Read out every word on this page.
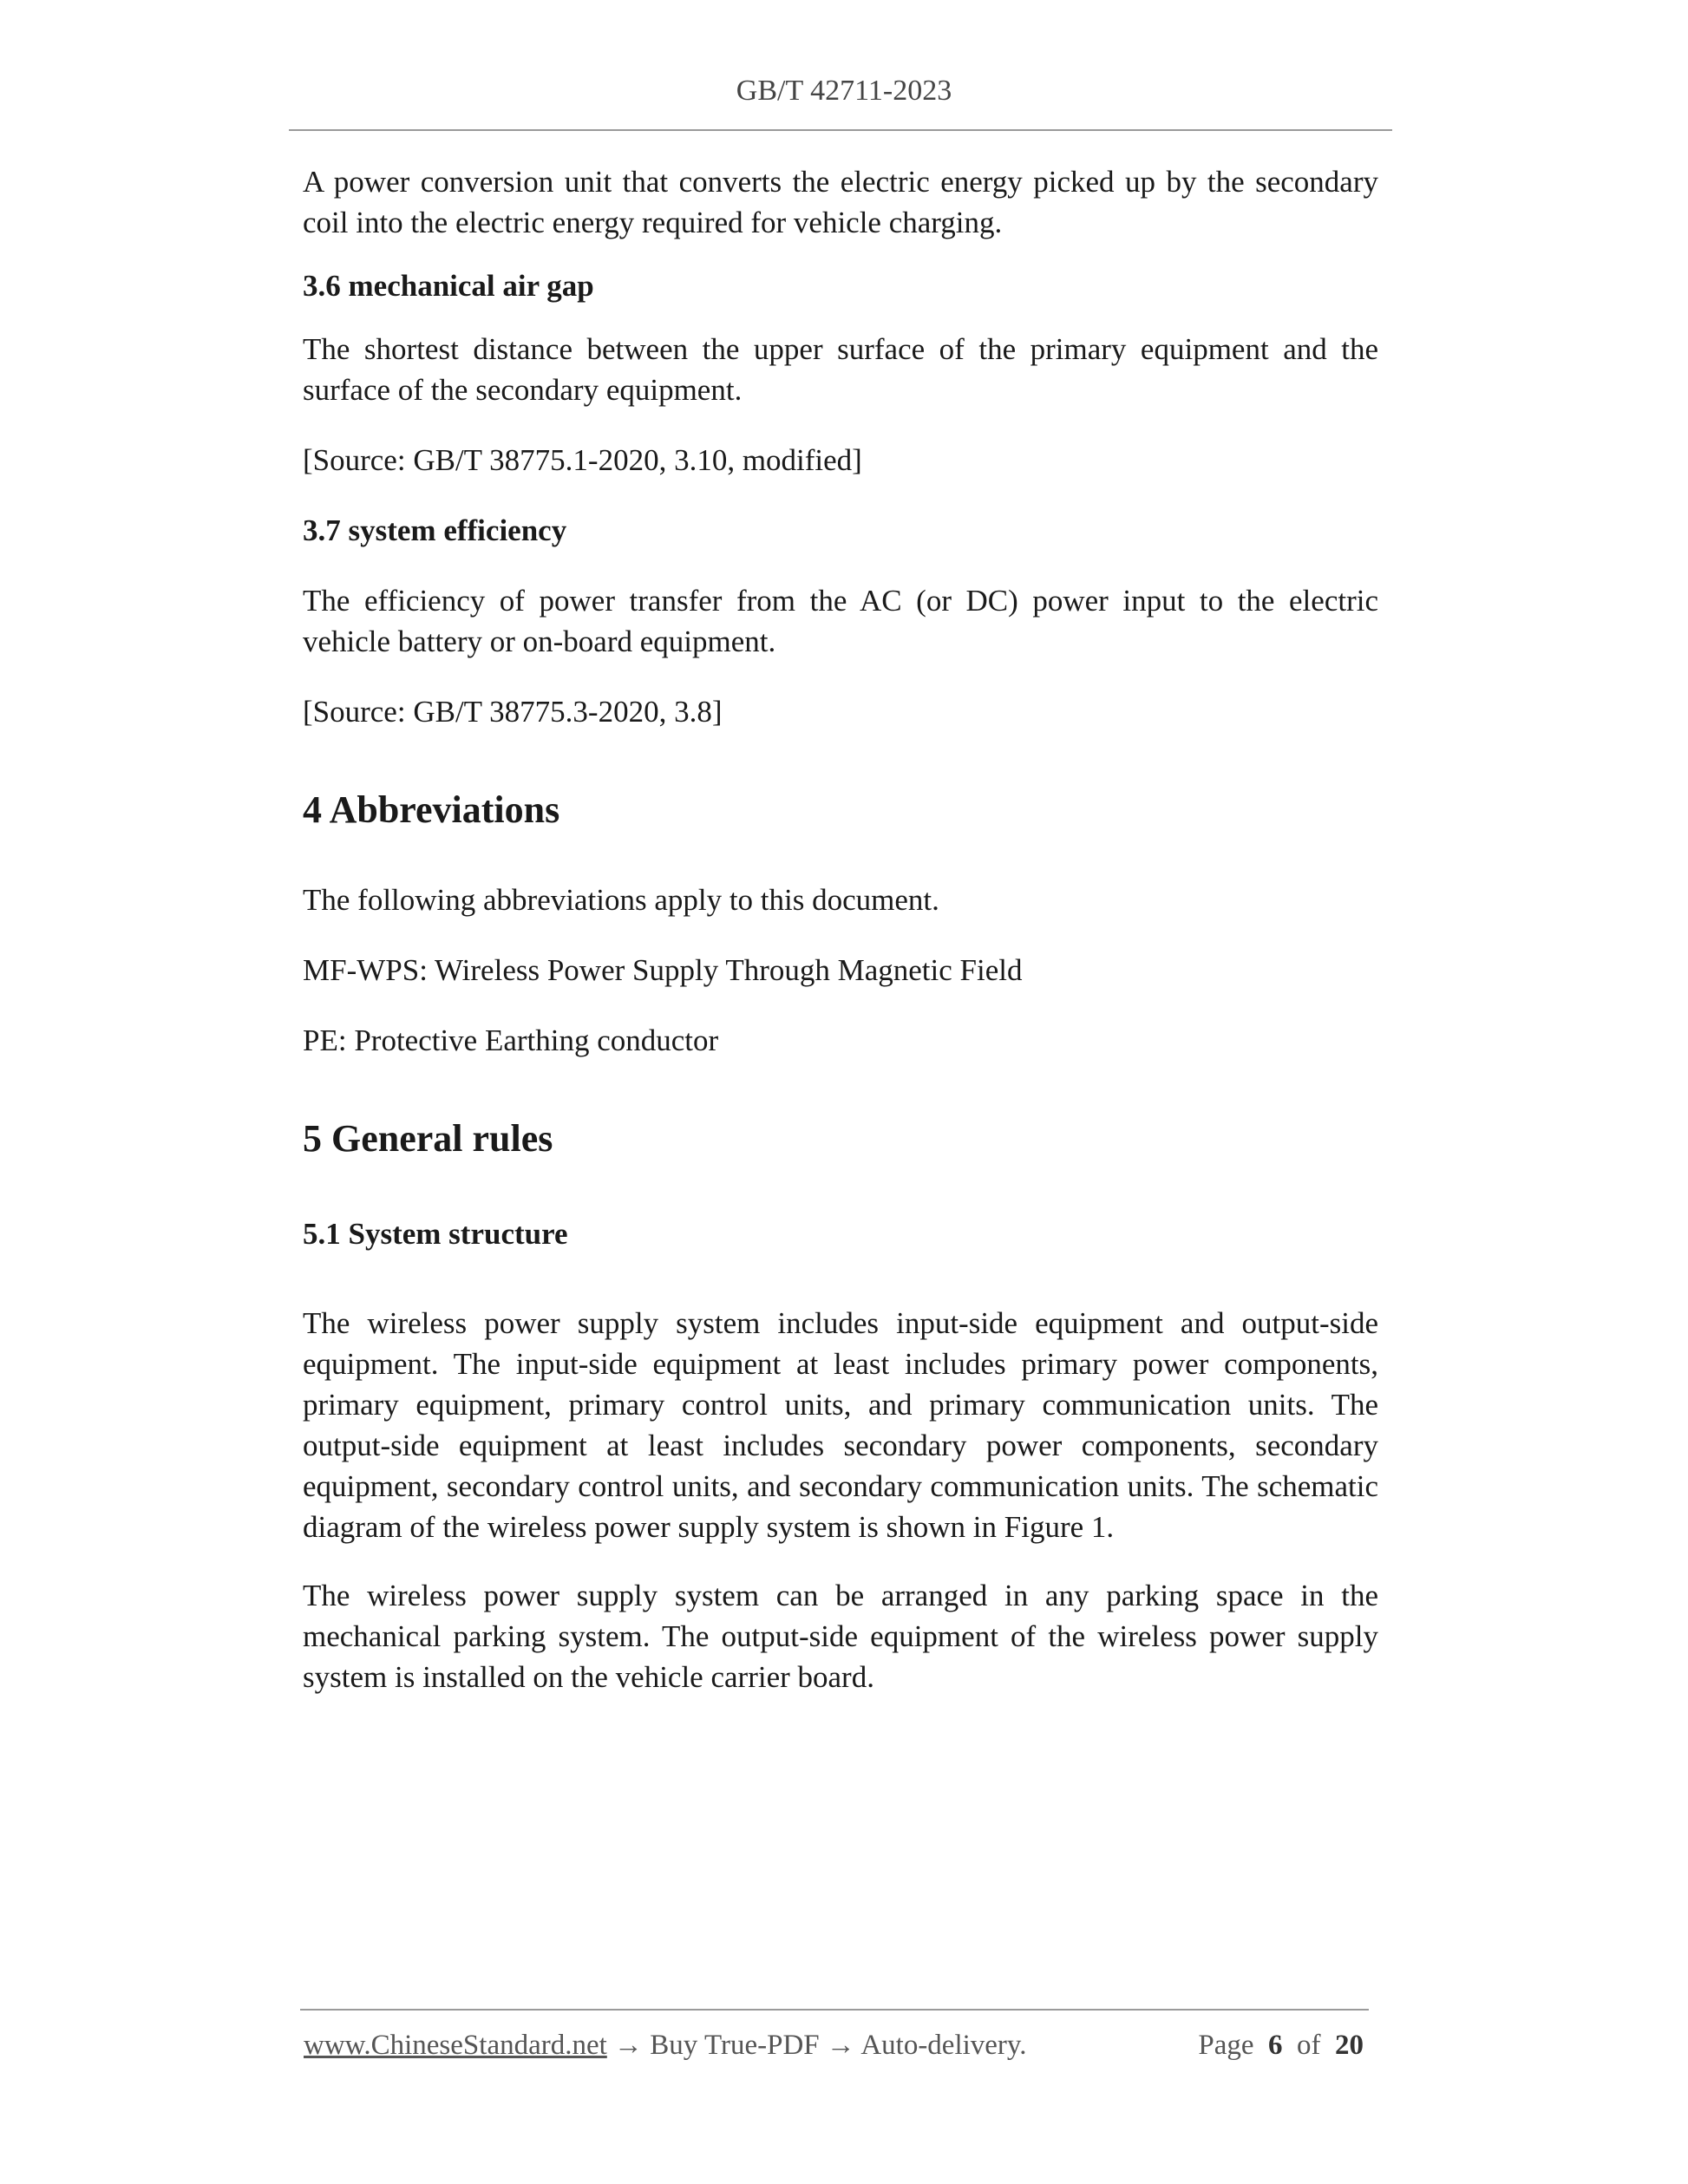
GB/T 42711-2023

A power conversion unit that converts the electric energy picked up by the secondary coil into the electric energy required for vehicle charging.

3.6 mechanical air gap

The shortest distance between the upper surface of the primary equipment and the surface of the secondary equipment.

[Source: GB/T 38775.1-2020, 3.10, modified]

3.7 system efficiency

The efficiency of power transfer from the AC (or DC) power input to the electric vehicle battery or on-board equipment.

[Source: GB/T 38775.3-2020, 3.8]

4 Abbreviations

The following abbreviations apply to this document.

MF-WPS: Wireless Power Supply Through Magnetic Field

PE: Protective Earthing conductor

5 General rules

5.1 System structure

The wireless power supply system includes input-side equipment and output-side equipment. The input-side equipment at least includes primary power components, primary equipment, primary control units, and primary communication units. The output-side equipment at least includes secondary power components, secondary equipment, secondary control units, and secondary communication units. The schematic diagram of the wireless power supply system is shown in Figure 1.

The wireless power supply system can be arranged in any parking space in the mechanical parking system. The output-side equipment of the wireless power supply system is installed on the vehicle carrier board.

www.ChineseStandard.net → Buy True-PDF → Auto-delivery.	Page 6 of 20
